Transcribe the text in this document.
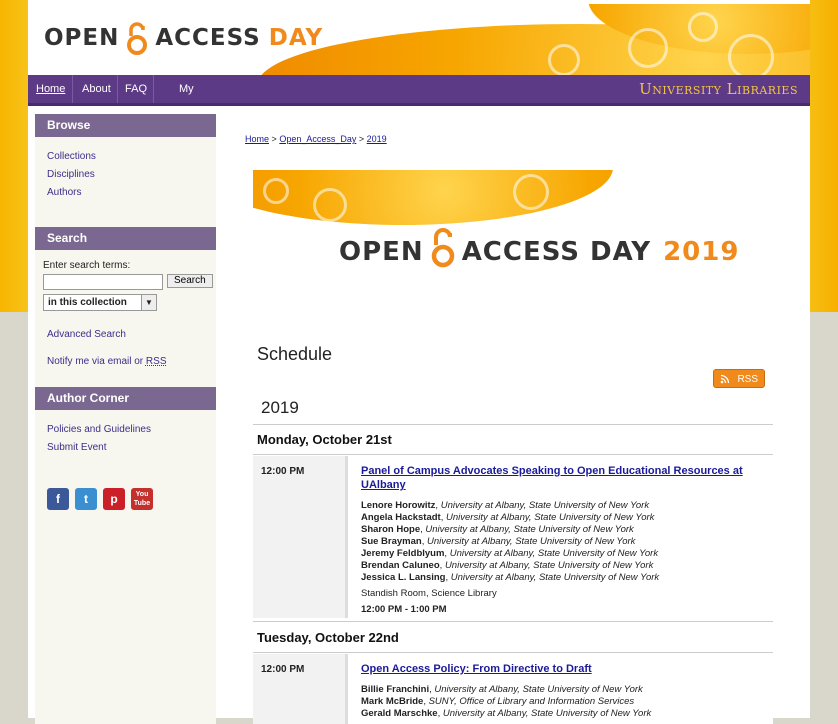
OPEN ACCESS DAY
Home About FAQ	My	University Libraries
Browse
Collections
Disciplines
Authors
Search
Enter search terms:
Search
in this collection	▼
Advanced Search
Notify me via email or RSS
Author Corner
Policies and Guidelines
Submit Event
f	t	p	You Tube
Home > Open_Access_Day > 2019
OPEN ACCESS DAY 2019
Schedule
RSS
2019
Monday, October 21st
12:00 PM	Panel of Campus Advocates Speaking to Open Educational Resources at UAlbany
Lenore Horowitz, University at Albany, State University of New York
Angela Hackstadt, University at Albany, State University of New York
Sharon Hope, University at Albany, State University of New York
Sue Brayman, University at Albany, State University of New York
Jeremy Feldblyum, University at Albany, State University of New York
Brendan Caluneo, University at Albany, State University of New York
Jessica L. Lansing, University at Albany, State University of New York
Standish Room, Science Library
12:00 PM - 1:00 PM
Tuesday, October 22nd
12:00 PM	Open Access Policy: From Directive to Draft
Billie Franchini, University at Albany, State University of New York
Mark McBride, SUNY, Office of Library and Information Services
Gerald Marschke, University at Albany, State University of New York
